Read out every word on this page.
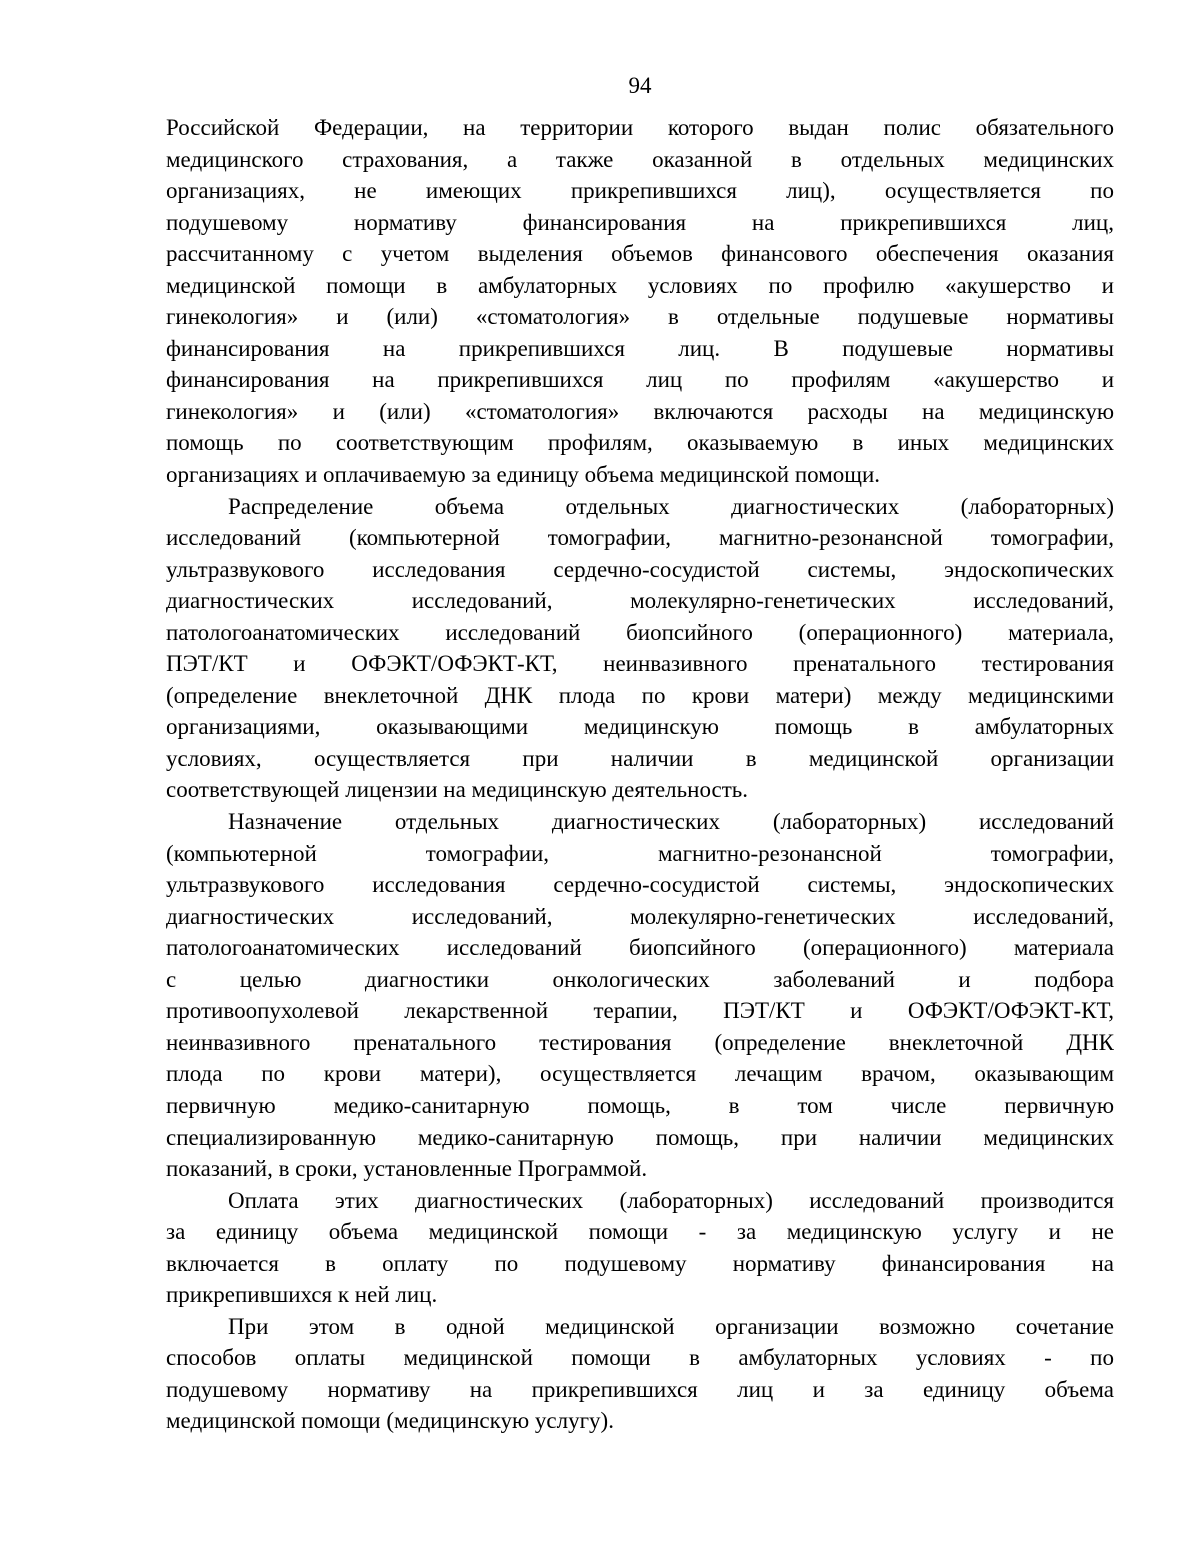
94
Российской Федерации, на территории которого выдан полис обязательного
медицинского страхования, а также оказанной в отдельных медицинских
организациях, не имеющих прикрепившихся лиц), осуществляется по
подушевому нормативу финансирования на прикрепившихся лиц,
рассчитанному с учетом выделения объемов финансового обеспечения оказания
медицинской помощи в амбулаторных условиях по профилю «акушерство и
гинекология» и (или) «стоматология» в отдельные подушевые нормативы
финансирования на прикрепившихся лиц. В подушевые нормативы
финансирования на прикрепившихся лиц по профилям «акушерство и
гинекология» и (или) «стоматология» включаются расходы на медицинскую
помощь по соответствующим профилям, оказываемую в иных медицинских
организациях и оплачиваемую за единицу объема медицинской помощи.
Распределение объема отдельных диагностических (лабораторных)
исследований (компьютерной томографии, магнитно-резонансной томографии,
ультразвукового исследования сердечно-сосудистой системы, эндоскопических
диагностических исследований, молекулярно-генетических исследований,
патологоанатомических исследований биопсийного (операционного) материала,
ПЭТ/КТ и ОФЭКТ/ОФЭКТ-КТ, неинвазивного пренатального тестирования
(определение внеклеточной ДНК плода по крови матери) между медицинскими
организациями, оказывающими медицинскую помощь в амбулаторных
условиях, осуществляется при наличии в медицинской организации
соответствующей лицензии на медицинскую деятельность.
Назначение отдельных диагностических (лабораторных) исследований
(компьютерной томографии, магнитно-резонансной томографии,
ультразвукового исследования сердечно-сосудистой системы, эндоскопических
диагностических исследований, молекулярно-генетических исследований,
патологоанатомических исследований биопсийного (операционного) материала
с целью диагностики онкологических заболеваний и подбора
противоопухолевой лекарственной терапии, ПЭТ/КТ и ОФЭКТ/ОФЭКТ-КТ,
неинвазивного пренатального тестирования (определение внеклеточной ДНК
плода по крови матери), осуществляется лечащим врачом, оказывающим
первичную медико-санитарную помощь, в том числе первичную
специализированную медико-санитарную помощь, при наличии медицинских
показаний, в сроки, установленные Программой.
Оплата этих диагностических (лабораторных) исследований производится
за единицу объема медицинской помощи - за медицинскую услугу и не
включается в оплату по подушевому нормативу финансирования на
прикрепившихся к ней лиц.
При этом в одной медицинской организации возможно сочетание
способов оплаты медицинской помощи в амбулаторных условиях - по
подушевому нормативу на прикрепившихся лиц и за единицу объема
медицинской помощи (медицинскую услугу).
